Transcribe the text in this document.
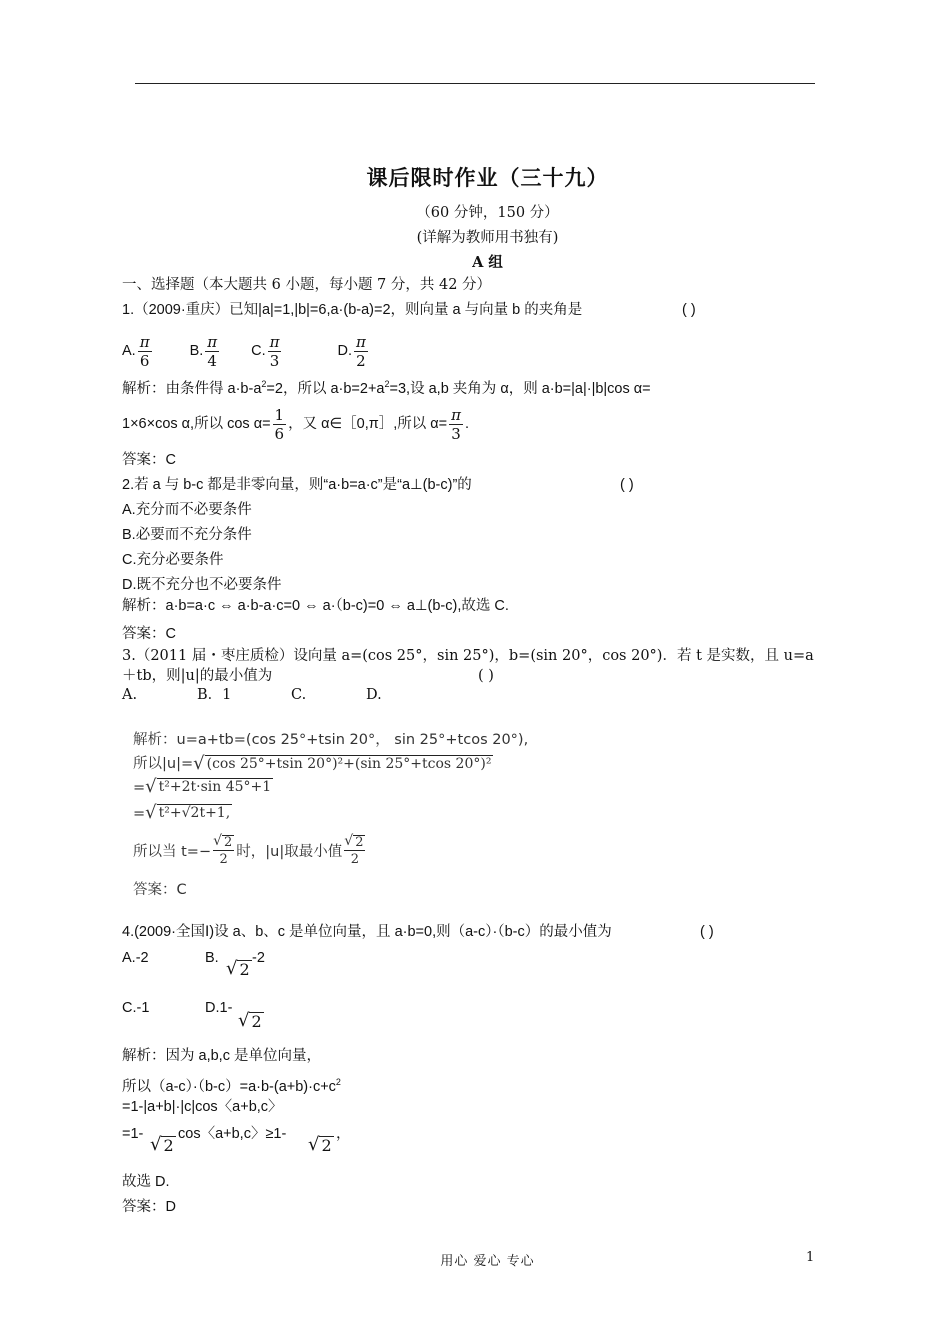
课后限时作业（三十九）
（60 分钟，150 分）
(详解为教师用书独有)
A 组
一、选择题（本大题共 6 小题，每小题 7 分，共 42 分）
1.（2009·重庆）已知|a|=1,|b|=6,a·(b-a)=2，则向量 a 与向量 b 的夹角是	( )
A. $\frac{\pi}{6}$	B. $\frac{\pi}{4} C$. $\frac{\pi}{3}$	D. $\frac{\pi}{2}$
解析：由条件得 $a\cdot b-a^2=2$，所以 $a\cdot b=2+a^2=3$,设 a,b 夹角为 α，则 a·b=|a|·|b|cos α=
1×6×cos α,所以 $\cos \alpha= \frac{1}{6}$ ，又 α∈［0,π］,所以 $\alpha= \frac{\pi}{3}$ .
答案：C
2.若 a 与 b-c 都是非零向量，则“a·b=a·c”是“a⊥(b-c)”的	( )
A.充分而不必要条件
B.必要而不充分条件
C.充分必要条件
D.既不充分也不必要条件
解析：a·b=a·c ⇔ a·b-a·c=0 ⇔ a·（b-c)=0 ⇔ a⊥(b-c),故选 C.
答案：C
3.（2011 届・枣庄质检）设向量 a=(cos 25°，sin 25°)，b=(sin 20°，cos 20°)．若 t 是实数，且 u=a
＋tb，则|u|的最小值为	( )
A.	B．1	C.	D.
解析：u=a+tb=(cos 25°+tsin 20°， sin 25°+tcos 20°),
所以|u|= √ (cos 25°+tsin 20°)²+(sin 25°+tcos 20°)²
= √ t²+2t·sin 45°+1
= √ t²+√2t+1,
所以当 $t=- \frac{√ 2}{2}$ 时，|u|取最小值 $\frac{√ 2}{2}$
答案：C
4.(2009·全国Ⅰ)设 a、b、c 是单位向量，且 a·b=0,则（a-c）·（b-c）的最小值为	( )
A.-2	B. √ 2
-2
C.-1	D.1-
√ 2
解析：因为 a,b,c 是单位向量，
所以$(a-c)\cdot(b-c)=a\cdot b-(a+b)\cdot c+c^2$
=1-|a+b|·|c|cos〈a+b,c〉
=1- √ 2
cos〈a+b,c〉≥1- √ 2
，
故选 D.
答案：D
用心 爱心 专心	1
